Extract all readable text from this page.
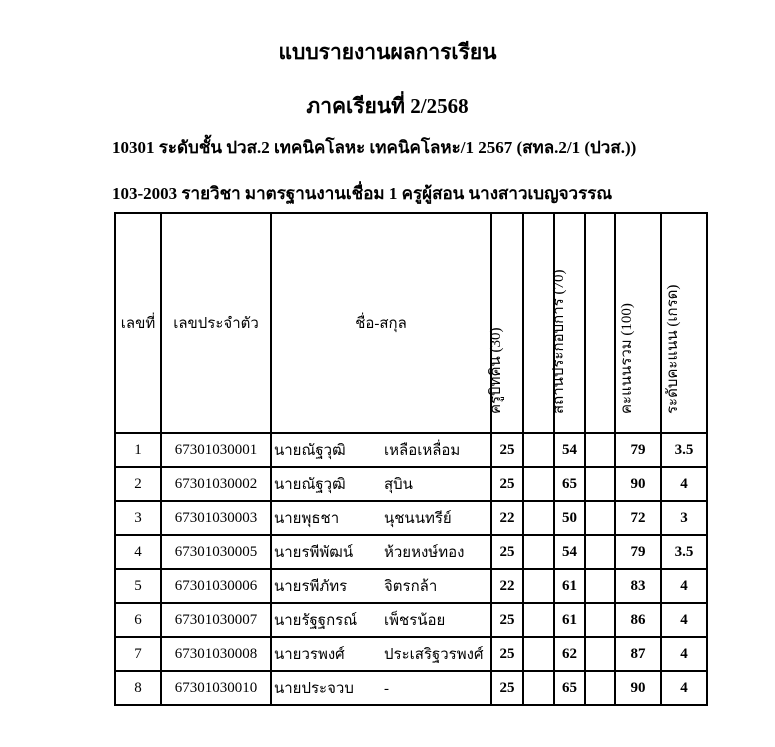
แบบรายงานผลการเรียน
ภาคเรียนที่ 2/2568
10301 ระดับชั้น ปวส.2 เทคนิคโลหะ เทคนิคโลหะ/1 2567 (สทล.2/1 (ปวส.))
103-2003 รายวิชา มาตรฐานงานเชื่อม 1 ครูผู้สอน นางสาวเบญจวรรณ
เลขที่	เลขประจำตัว	ชื่อ-สกุล	ครูบิทคิน (30)		สถานประกอบการ (70)		คะแนนรวม (100)	ระดับคะแนน (เกรด)

1	67301030001	นายณัฐวุฒิ เหลือเหลื่อม	25		54		79	3.5
2	67301030002	นายณัฐวุฒิ สุบิน	25		65		90	4
3	67301030003	นายพุธชา นุชนนทรีย์	22		50		72	3
4	67301030005	นายรพีพัฒน์ ห้วยหงษ์ทอง	25		54		79	3.5
5	67301030006	นายรพีภัทร จิตรกล้า	22		61		83	4
6	67301030007	นายรัฐฐกรณ์ เพ็ชรน้อย	25		61		86	4
7	67301030008	นายวรพงศ์ ประเสริฐวรพงศ์	25		62		87	4
8	67301030010	นายประจวบ -	25		65		90	4
